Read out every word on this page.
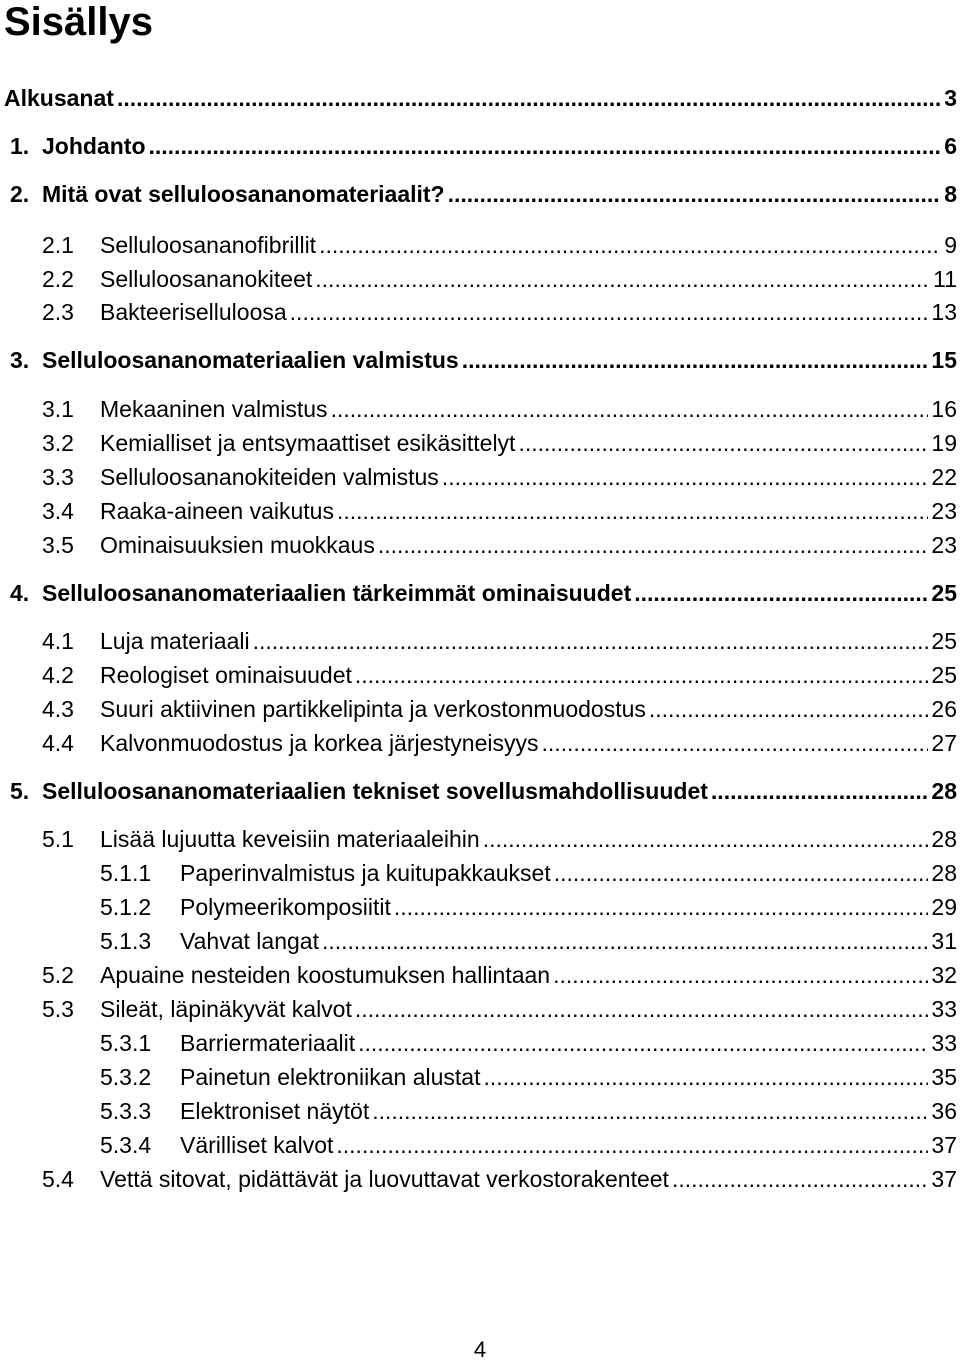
Sisällys
.....
Alkusanat	3
.....
1. Johdanto	6
.....
2. Mitä ovat selluloosananomateriaalit?	8
.....
2.1 Selluloosananofibrillit	9
.....
2.2 Selluloosananokiteet	11
.....
2.3 Bakteeriselluloosa	13
.....
3. Selluloosananomateriaalien valmistus	15
.....
3.1 Mekaaninen valmistus	16
.....
3.2 Kemialliset ja entsymaattiset esikäsittelyt	19
.....
3.3 Selluloosananokiteiden valmistus	22
.....
3.4 Raaka-aineen vaikutus	23
.....
3.5 Ominaisuuksien muokkaus	23
.....
4. Selluloosananomateriaalien tärkeimmät ominaisuudet	25
.....
4.1 Luja materiaali	25
.....
4.2 Reologiset ominaisuudet	25
.....
4.3 Suuri aktiivinen partikkelipinta ja verkostonmuodostus	26
.....
4.4 Kalvonmuodostus ja korkea järjestyneisyys	27
.....
5. Selluloosananomateriaalien tekniset sovellusmahdollisuudet	28
.....
5.1 Lisää lujuutta keveisiin materiaaleihin	28
.....
5.1.1 Paperinvalmistus ja kuitupakkaukset	28
.....
5.1.2 Polymeerikomposiitit	29
.....
5.1.3 Vahvat langat	31
.....
5.2 Apuaine nesteiden koostumuksen hallintaan	32
.....
5.3 Sileät, läpinäkyvät kalvot	33
.....
5.3.1 Barriermateriaalit	33
.....
5.3.2 Painetun elektroniikan alustat	35
.....
5.3.3 Elektroniset näytöt	36
.....
5.3.4 Värilliset kalvot	37
.....
5.4 Vettä sitovat, pidättävät ja luovuttavat verkostorakenteet	37
4
